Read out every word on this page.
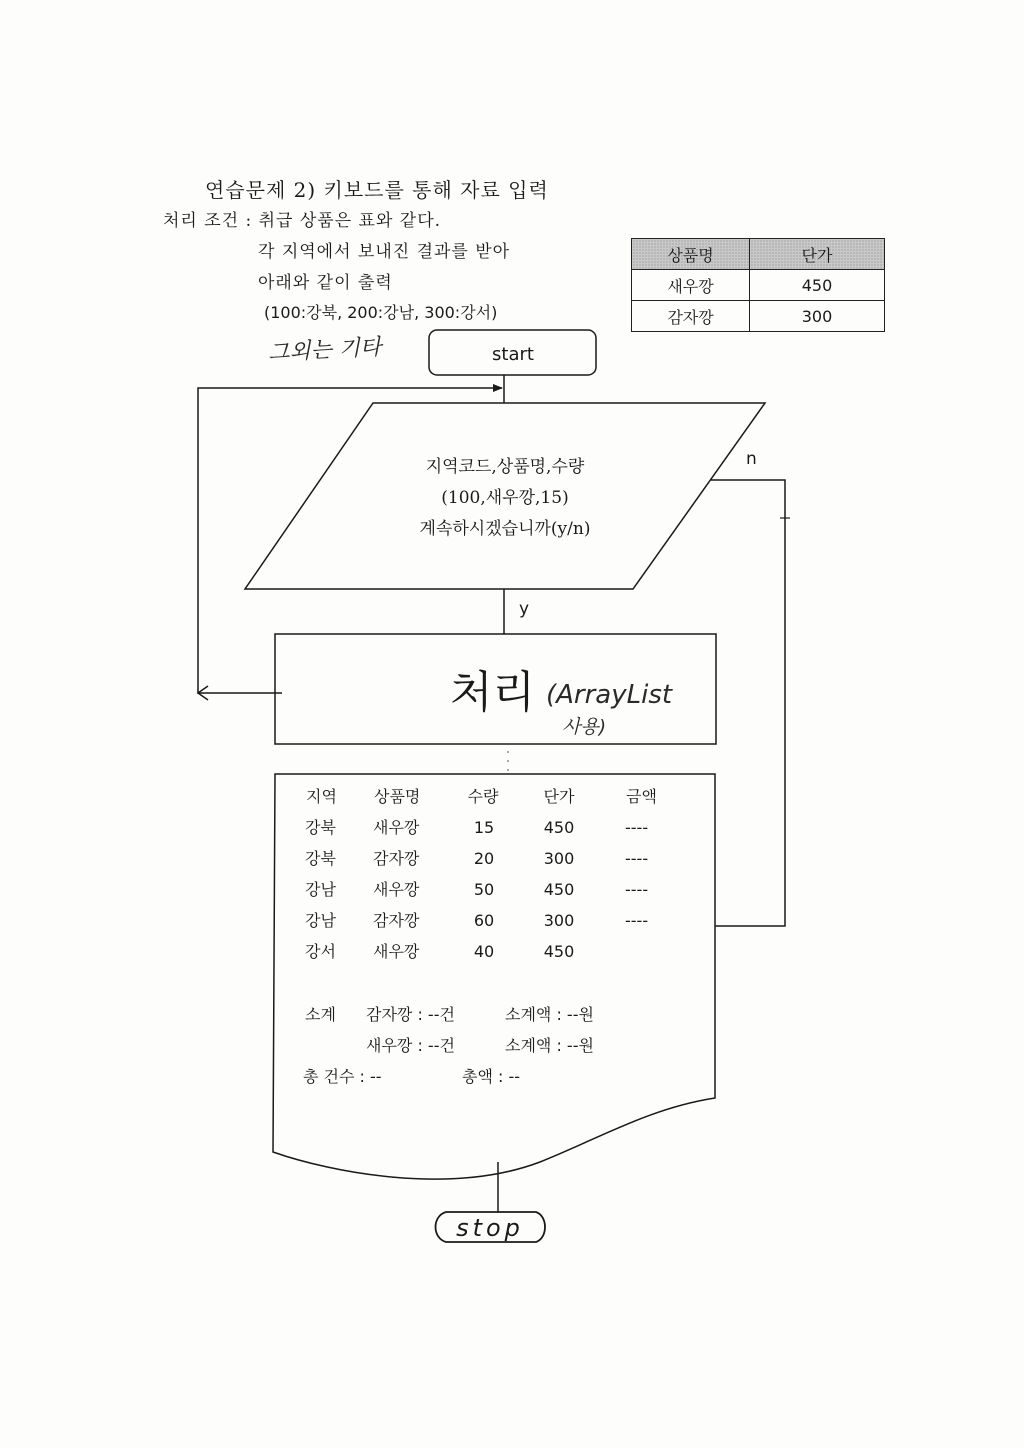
연습문제 2) 키보드를 통해 자료 입력
처리 조건 : 취급 상품은 표와 같다.
각 지역에서 보내진 결과를 받아
아래와 같이 출력
(100:강북, 200:강남, 300:강서)
그외는 기타
상품명	단가
새우깡	450
감자깡	300
start
지역코드,상품명,수량
(100,새우깡,15)
계속하시겠습니까(y/n)
y
n
처리 (ArrayList
사용)
stop
지역 상품명	수량	단가	금액
강북 새우깡	15	450	----
강북 감자깡	20	300	----
강남 새우깡	50	450	----
강남 감자깡	60	300	----
강서 새우깡	40	450
소계 감자깡 : --건	소계액 : --원
새우깡 : --건	소계액 : --원
총 건수 : --	총액 : --
